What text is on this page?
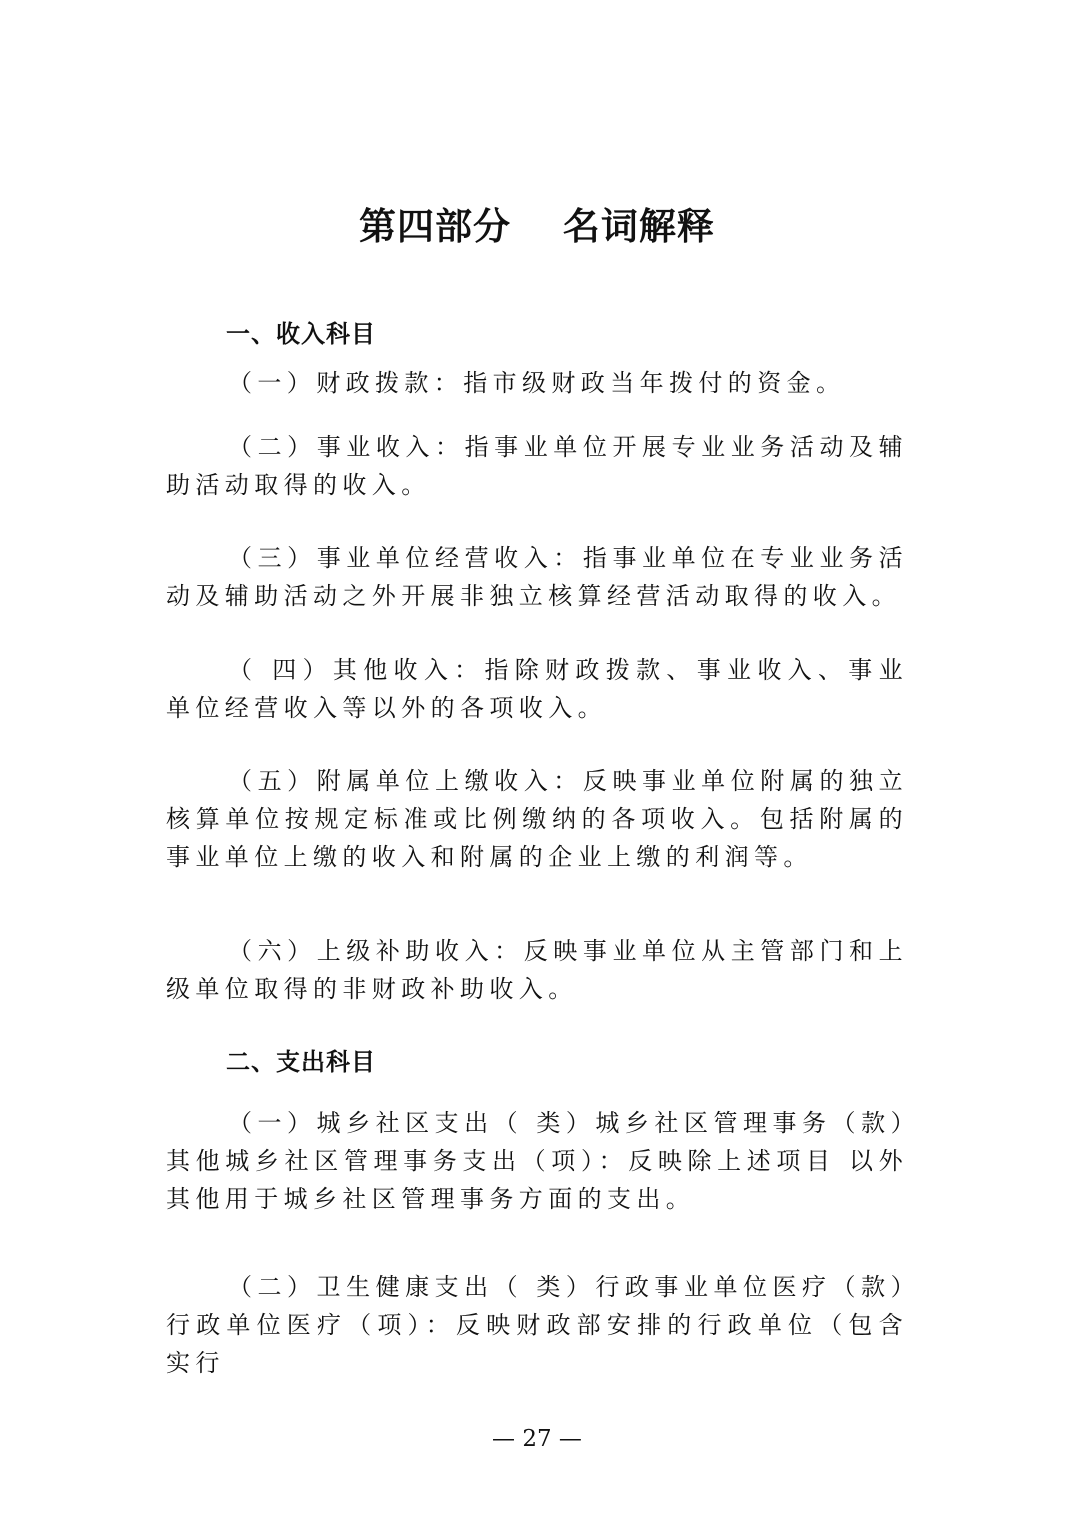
第四部分　 名词解释
一、收入科目
（一）财政拨款：指市级财政当年拨付的资金。
（二）事业收入：指事业单位开展专业业务活动及辅助活动取得的收入。
（三）事业单位经营收入：指事业单位在专业业务活动及辅助活动之外开展非独立核算经营活动取得的收入。
（ 四）其他收入：指除财政拨款、事业收入、事业单位经营收入等以外的各项收入。
（五）附属单位上缴收入：反映事业单位附属的独立核算单位按规定标准或比例缴纳的各项收入。包括附属的事业单位上缴的收入和附属的企业上缴的利润等。
（六）上级补助收入：反映事业单位从主管部门和上级单位取得的非财政补助收入。
二、支出科目
（一）城乡社区支出（ 类）城乡社区管理事务（款）其他城乡社区管理事务支出（项）：反映除上述项目 以外其他用于城乡社区管理事务方面的支出。
（二）卫生健康支出（ 类）行政事业单位医疗（款）行政单位医疗（项）：反映财政部安排的行政单位（包含实行
— 27 —
